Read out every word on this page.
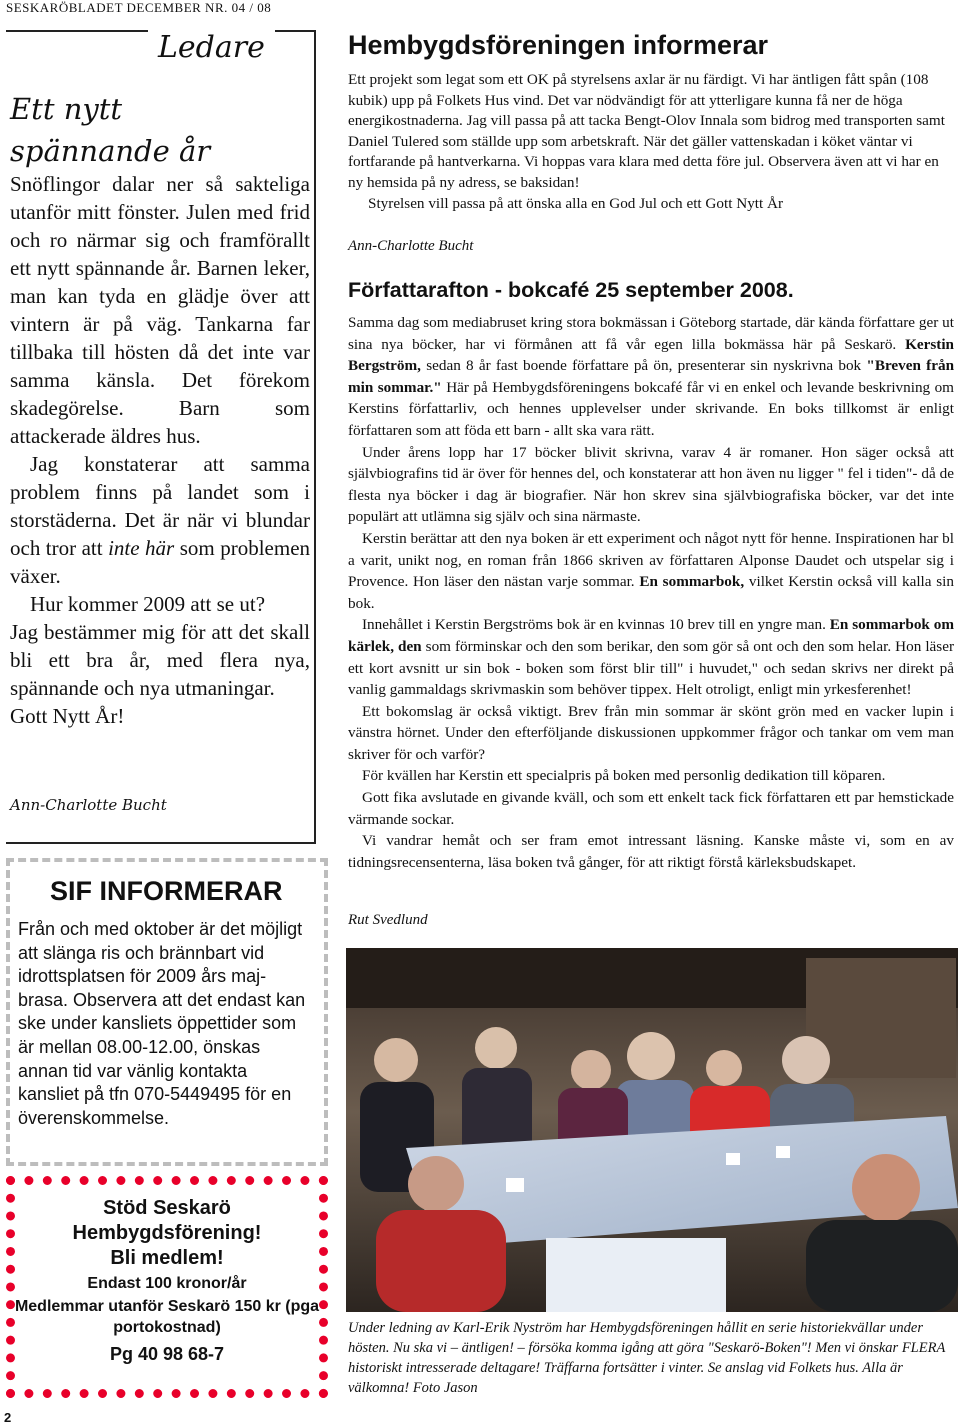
SESKARÖBLADET DECEMBER NR. 04 / 08
Ledare
Ett nytt
spännande år

Snöflingor dalar ner så sakteliga utanför mitt fönster. Julen med frid och ro närmar sig och framförallt ett nytt spännande år. Barnen leker, man kan tyda en glädje över att vintern är på väg. Tankarna far tillbaka till hösten då det inte var samma känsla. Det förekom skadegörelse. Barn som attackerade äldres hus.

Jag konstaterar att samma problem finns på landet som i storstäderna. Det är när vi blundar och tror att inte här som problemen växer.

Hur kommer 2009 att se ut?

Jag bestämmer mig för att det skall bli ett bra år, med flera nya, spännande och nya utmaningar.

Gott Nytt År!

Ann-Charlotte Bucht
SIF INFORMERAR
Från och med oktober är det möjligt att slänga ris och brännbart vid idrottsplatsen för 2009 års maj-brasa. Observera att det endast kan ske under kansliets öppettider som är mellan 08.00-12.00, önskas annan tid var vänlig kontakta kansliet på tfn 070-5449495 för en överenskommelse.
Stöd Seskarö
Hembygdsförening!
Bli medlem!
Endast 100 kronor/år
Medlemmar utanför Seskarö 150 kr (pga portokostnad)
Pg 40 98 68-7
2
Hembygdsföreningen informerar

Ett projekt som legat som ett OK på styrelsens axlar är nu färdigt. Vi har äntligen fått spån (108 kubik) upp på Folkets Hus vind. Det var nödvändigt för att ytterligare kunna få ner de höga energikostnaderna. Jag vill passa på att tacka Bengt-Olov Innala som bidrog med transporten samt Daniel Tulered som ställde upp som arbetskraft. När det gäller vattenskadan i köket väntar vi fortfarande på hantverkarna. Vi hoppas vara klara med detta före jul. Observera även att vi har en ny hemsida på ny adress, se baksidan!

Styrelsen vill passa på att önska alla en God Jul och ett Gott Nytt År

Ann-Charlotte Bucht
Författarafton - bokcafé 25 september 2008.

Samma dag som mediabruset kring stora bokmässan i Göteborg startade, där kända författare ger ut sina nya böcker, har vi förmånen att få vår egen lilla bokmässa här på Seskarö. Kerstin Bergström, sedan 8 år fast boende författare på ön, presenterar sin nyskrivna bok "Breven från min sommar." Här på Hembygdsföreningens bokcafé får vi en enkel och levande beskrivning om Kerstins författarliv, och hennes upplevelser under skrivande. En boks tillkomst är enligt författaren som att föda ett barn - allt ska vara rätt.

Under årens lopp har 17 böcker blivit skrivna, varav 4 är romaner. Hon säger också att självbiografins tid är över för hennes del, och konstaterar att hon även nu ligger " fel i tiden"- då de flesta nya böcker i dag är biografier. När hon skrev sina självbiografiska böcker, var det inte populärt att utlämna sig själv och sina närmaste.

Kerstin berättar att den nya boken är ett experiment och något nytt för henne. Inspirationen har bl a varit, unikt nog, en roman från 1866 skriven av författaren Alponse Daudet och utspelar sig i Provence. Hon läser den nästan varje sommar. En sommarbok, vilket Kerstin också vill kalla sin bok.

Innehållet i Kerstin Bergströms bok är en kvinnas 10 brev till en yngre man. En sommarbok om kärlek, den som förminskar och den som berikar, den som gör så ont och den som helar. Hon läser ett kort avsnitt ur sin bok - boken som först blir till" i huvudet," och sedan skrivs ner direkt på vanlig gammaldags skrivmaskin som behöver tippex. Helt otroligt, enligt min yrkesferenhet!

Ett bokomslag är också viktigt. Brev från min sommar är skönt grön med en vacker lupin i vänstra hörnet. Under den efterföljande diskussionen uppkommer frågor och tankar om vem man skriver för och varför?

För kvällen har Kerstin ett specialpris på boken med personlig dedikation till köparen.

Gott fika avslutade en givande kväll, och som ett enkelt tack fick författaren ett par hemstickade värmande sockar.

Vi vandrar hemåt och ser fram emot intressant läsning. Kanske måste vi, som en av tidningsrecensenterna, läsa boken två gånger, för att riktigt förstå kärleksbudskapet.

Rut Svedlund
Under ledning av Karl-Erik Nyström har Hembygdsföreningen hållit en serie historiekvällar under hösten. Nu ska vi – äntligen! – försöka komma igång att göra "Seskarö-Boken"! Men vi önskar FLERA historiskt intresserade deltagare! Träffarna fortsätter i vinter. Se anslag vid Folkets hus. Alla är välkomna! Foto Jason
